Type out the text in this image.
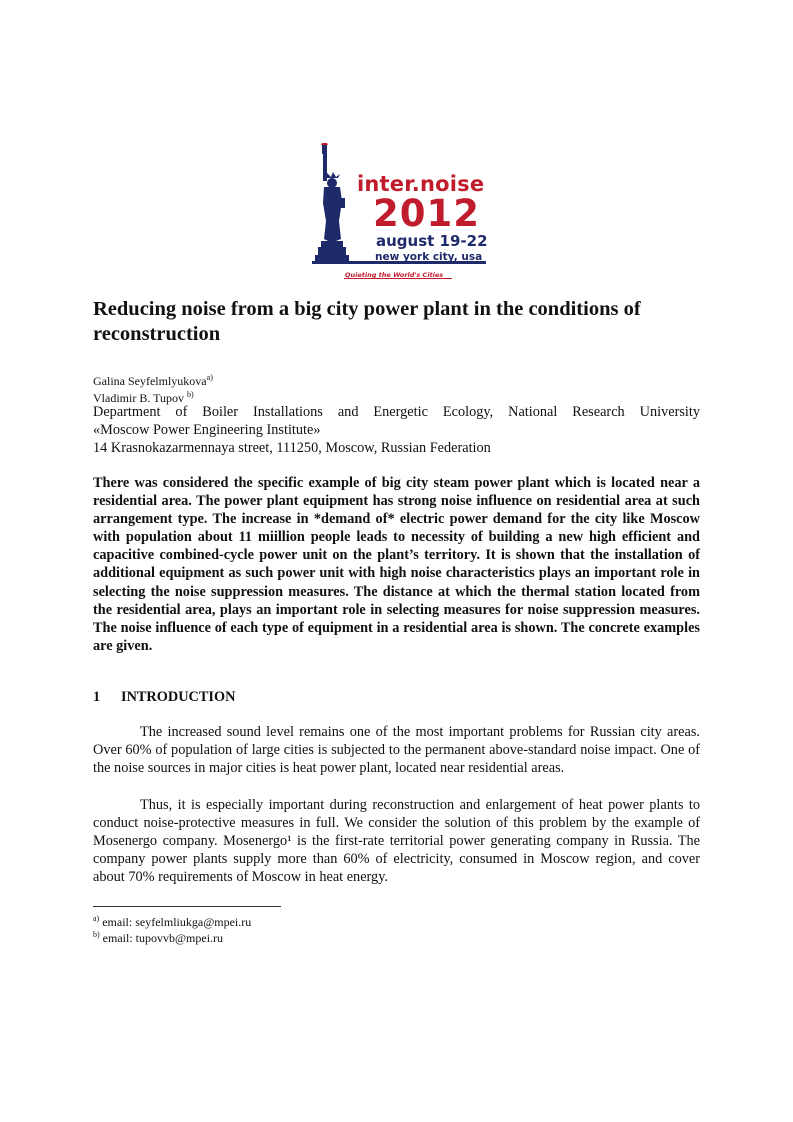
inter.noise
2012
august 19-22
new york city, usa
Quieting the World's Cities
Reducing noise from a big city power plant in the conditions of reconstruction
Galina Seyfelmlyukova$^{a)}$
Vladimir B. Tupov $^{b)}$
Department of Boiler Installations and Energetic Ecology, National Research University
«Moscow Power Engineering Institute»
14 Krasnokazarmennaya street, 111250, Moscow, Russian Federation

There was considered the specific example of big city steam power plant which is located near a residential area. The power plant equipment has strong noise influence on residential area at such arrangement type. The increase in *demand of* electric power demand for the city like Moscow with population about 11 miillion people leads to necessity of building a new high efficient and capacitive combined-cycle power unit on the plant’s territory. It is shown that the installation of additional equipment as such power unit with high noise characteristics plays an important role in selecting the noise suppression measures. The distance at which the thermal station located from the residential area, plays an important role in selecting measures for noise suppression measures. The noise influence of each type of equipment in a residential area is shown. The concrete examples are given.

1 INTRODUCTION

The increased sound level remains one of the most important problems for Russian city areas. Over 60% of population of large cities is subjected to the permanent above-standard noise impact. One of the noise sources in major cities is heat power plant, located near residential areas.

Thus, it is especially important during reconstruction and enlargement of heat power plants to conduct noise-protective measures in full. We consider the solution of this problem by the example of Mosenergo company. Mosenergo¹ is the first-rate territorial power generating company in Russia. The company power plants supply more than 60% of electricity, consumed in Moscow region, and cover about 70% requirements of Moscow in heat energy.

$^{a)}$ email: seyfelmliukga@mpei.ru
$^{b)}$ email: tupovvb@mpei.ru
